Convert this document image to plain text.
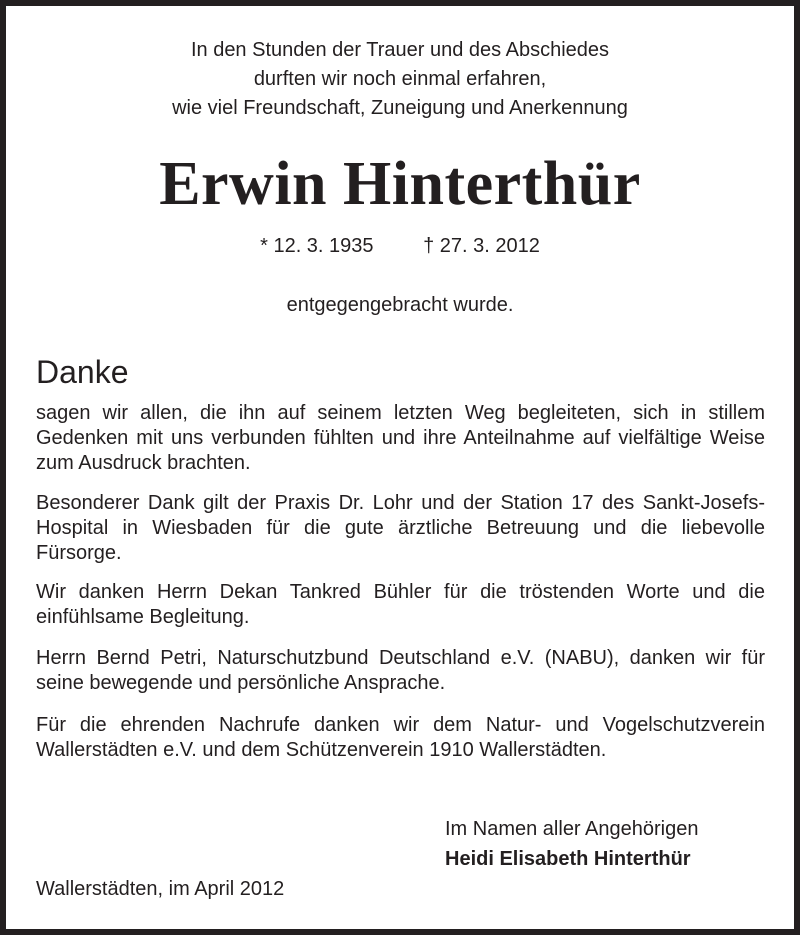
In den Stunden der Trauer und des Abschiedes
durften wir noch einmal erfahren,
wie viel Freundschaft, Zuneigung und Anerkennung
Erwin Hinterthür
* 12. 3. 1935 † 27. 3. 2012
entgegengebracht wurde.
Danke
sagen wir allen, die ihn auf seinem letzten Weg begleiteten, sich in stillem Gedenken mit uns verbunden fühlten und ihre Anteilnahme auf vielfältige Weise zum Ausdruck brachten.
Besonderer Dank gilt der Praxis Dr. Lohr und der Station 17 des Sankt-Josefs-Hospital in Wiesbaden für die gute ärztliche Betreuung und die liebevolle Fürsorge.
Wir danken Herrn Dekan Tankred Bühler für die tröstenden Worte und die einfühlsame Begleitung.
Herrn Bernd Petri, Naturschutzbund Deutschland e.V. (NABU), danken wir für seine bewegende und persönliche Ansprache.
Für die ehrenden Nachrufe danken wir dem Natur- und Vogelschutzverein Wallerstädten e.V. und dem Schützenverein 1910 Wallerstädten.
Im Namen aller Angehörigen
Heidi Elisabeth Hinterthür
Wallerstädten, im April 2012
